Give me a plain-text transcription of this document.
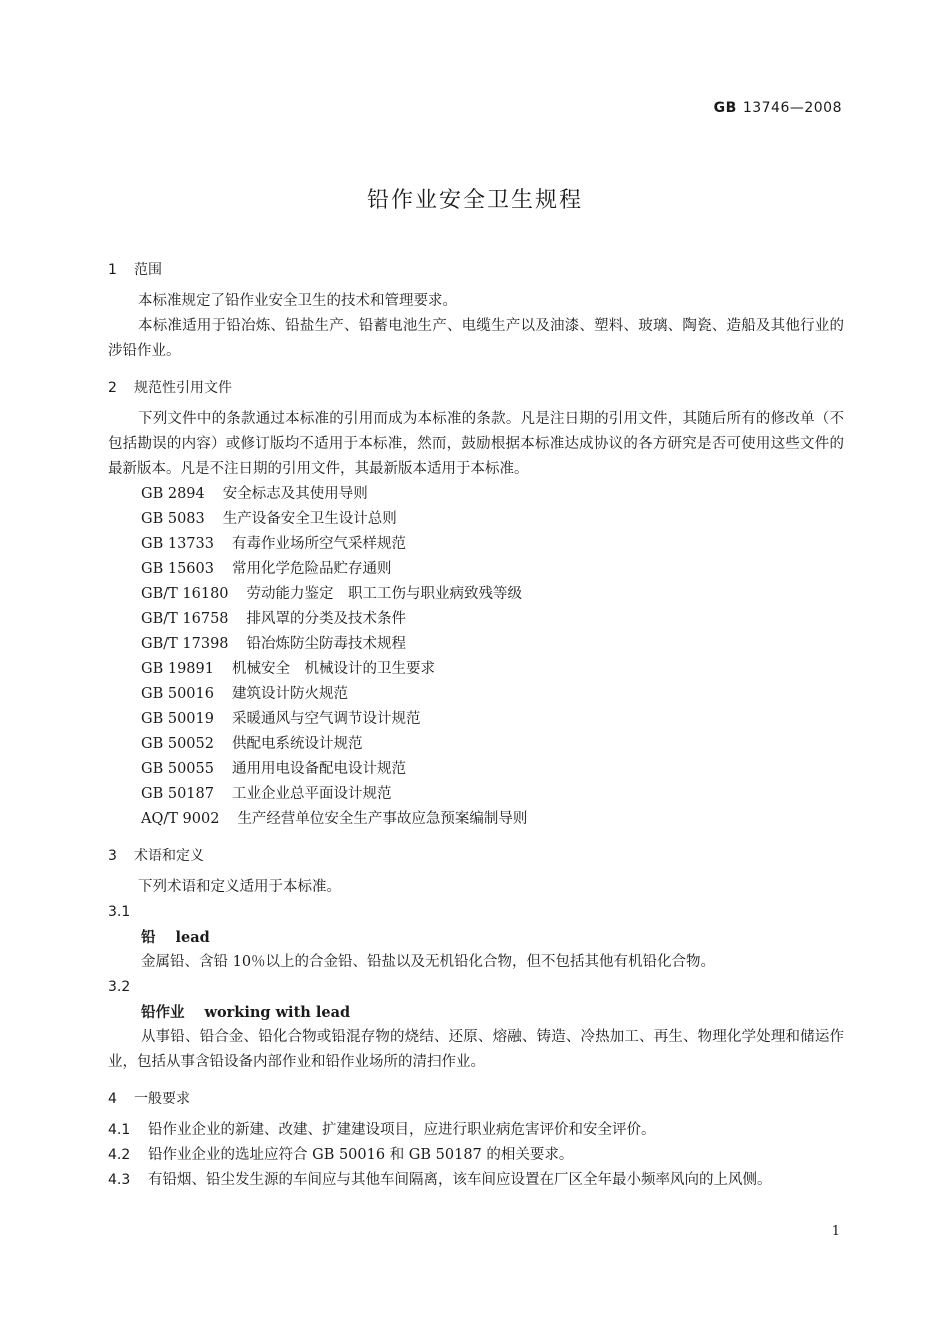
GB 13746—2008
铅作业安全卫生规程
1 范围

本标准规定了铅作业安全卫生的技术和管理要求。

本标准适用于铅冶炼、铅盐生产、铅蓄电池生产、电缆生产以及油漆、塑料、玻璃、陶瓷、造船及其他行业的涉铅作业。

2 规范性引用文件

下列文件中的条款通过本标准的引用而成为本标准的条款。凡是注日期的引用文件，其随后所有的修改单（不包括勘误的内容）或修订版均不适用于本标准，然而，鼓励根据本标准达成协议的各方研究是否可使用这些文件的最新版本。凡是不注日期的引用文件，其最新版本适用于本标准。

GB 2894 安全标志及其使用导则

GB 5083 生产设备安全卫生设计总则

GB 13733 有毒作业场所空气采样规范

GB 15603 常用化学危险品贮存通则

GB/T 16180 劳动能力鉴定　职工工伤与职业病致残等级

GB/T 16758 排风罩的分类及技术条件

GB/T 17398 铅冶炼防尘防毒技术规程

GB 19891 机械安全　机械设计的卫生要求

GB 50016 建筑设计防火规范

GB 50019 采暖通风与空气调节设计规范

GB 50052 供配电系统设计规范

GB 50055 通用用电设备配电设计规范

GB 50187 工业企业总平面设计规范

AQ/T 9002 生产经营单位安全生产事故应急预案编制导则

3 术语和定义

下列术语和定义适用于本标准。

3.1

铅 lead

金属铅、含铅 10％以上的合金铅、铅盐以及无机铅化合物，但不包括其他有机铅化合物。

3.2

铅作业 working with lead

从事铅、铅合金、铅化合物或铅混存物的烧结、还原、熔融、铸造、冷热加工、再生、物理化学处理和储运作业，包括从事含铅设备内部作业和铅作业场所的清扫作业。

4 一般要求

4.1 铅作业企业的新建、改建、扩建建设项目，应进行职业病危害评价和安全评价。

4.2 铅作业企业的选址应符合 GB 50016 和 GB 50187 的相关要求。

4.3 有铅烟、铅尘发生源的车间应与其他车间隔离，该车间应设置在厂区全年最小频率风向的上风侧。

1
